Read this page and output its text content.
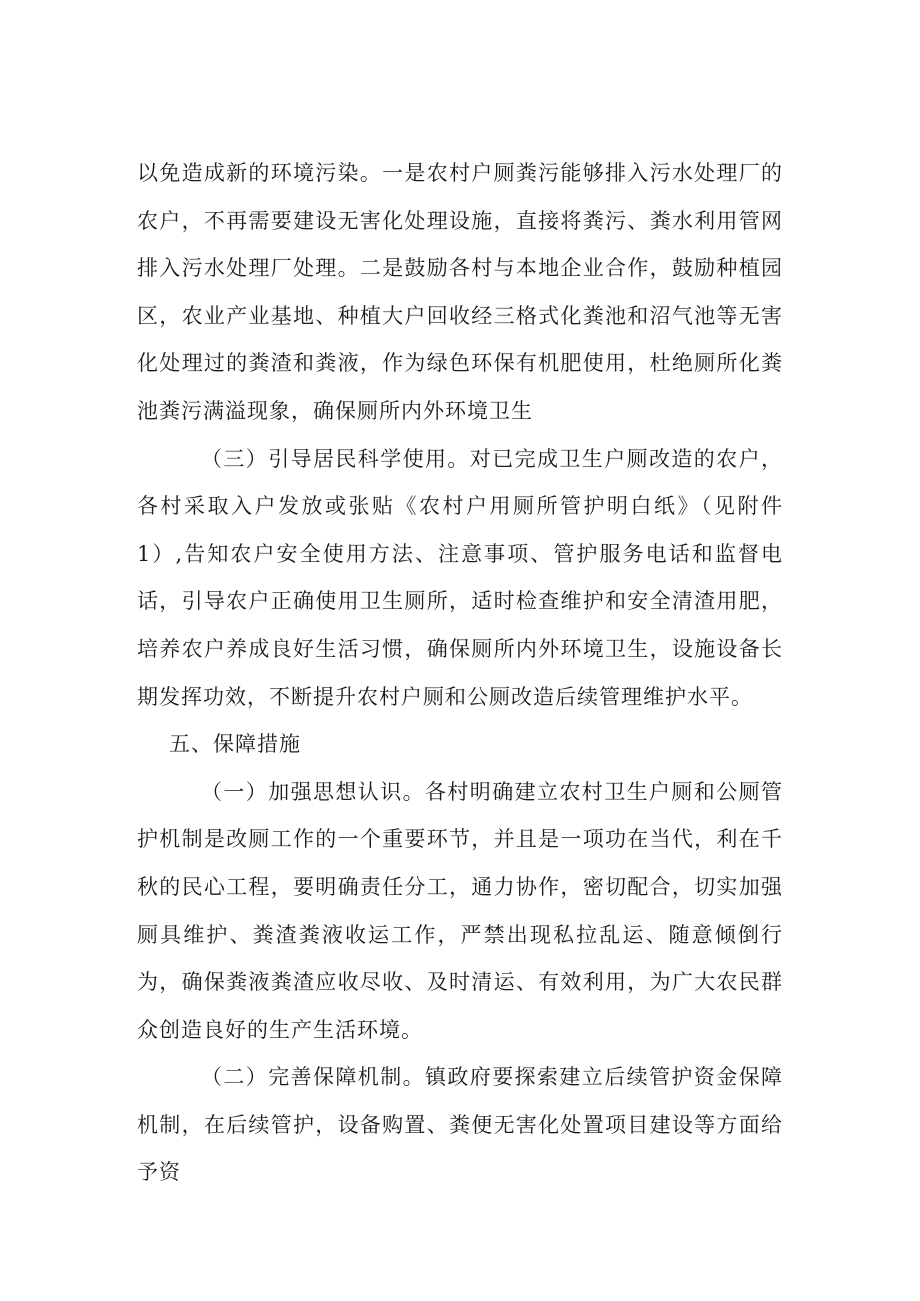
以免造成新的环境污染。一是农村户厕粪污能够排入污水处理厂的农户，不再需要建设无害化处理设施，直接将粪污、粪水利用管网排入污水处理厂处理。二是鼓励各村与本地企业合作，鼓励种植园区，农业产业基地、种植大户回收经三格式化粪池和沼气池等无害化处理过的粪渣和粪液，作为绿色环保有机肥使用，杜绝厕所化粪池粪污满溢现象，确保厕所内外环境卫生

（三）引导居民科学使用。对已完成卫生户厕改造的农户，各村采取入户发放或张贴《农村户用厕所管护明白纸》（见附件1）,告知农户安全使用方法、注意事项、管护服务电话和监督电话，引导农户正确使用卫生厕所，适时检查维护和安全清渣用肥，培养农户养成良好生活习惯，确保厕所内外环境卫生，设施设备长期发挥功效，不断提升农村户厕和公厕改造后续管理维护水平。

五、保障措施

（一）加强思想认识。各村明确建立农村卫生户厕和公厕管护机制是改厕工作的一个重要环节，并且是一项功在当代，利在千秋的民心工程，要明确责任分工，通力协作，密切配合，切实加强厕具维护、粪渣粪液收运工作，严禁出现私拉乱运、随意倾倒行为，确保粪液粪渣应收尽收、及时清运、有效利用，为广大农民群众创造良好的生产生活环境。

（二）完善保障机制。镇政府要探索建立后续管护资金保障机制，在后续管护，设备购置、粪便无害化处置项目建设等方面给予资
